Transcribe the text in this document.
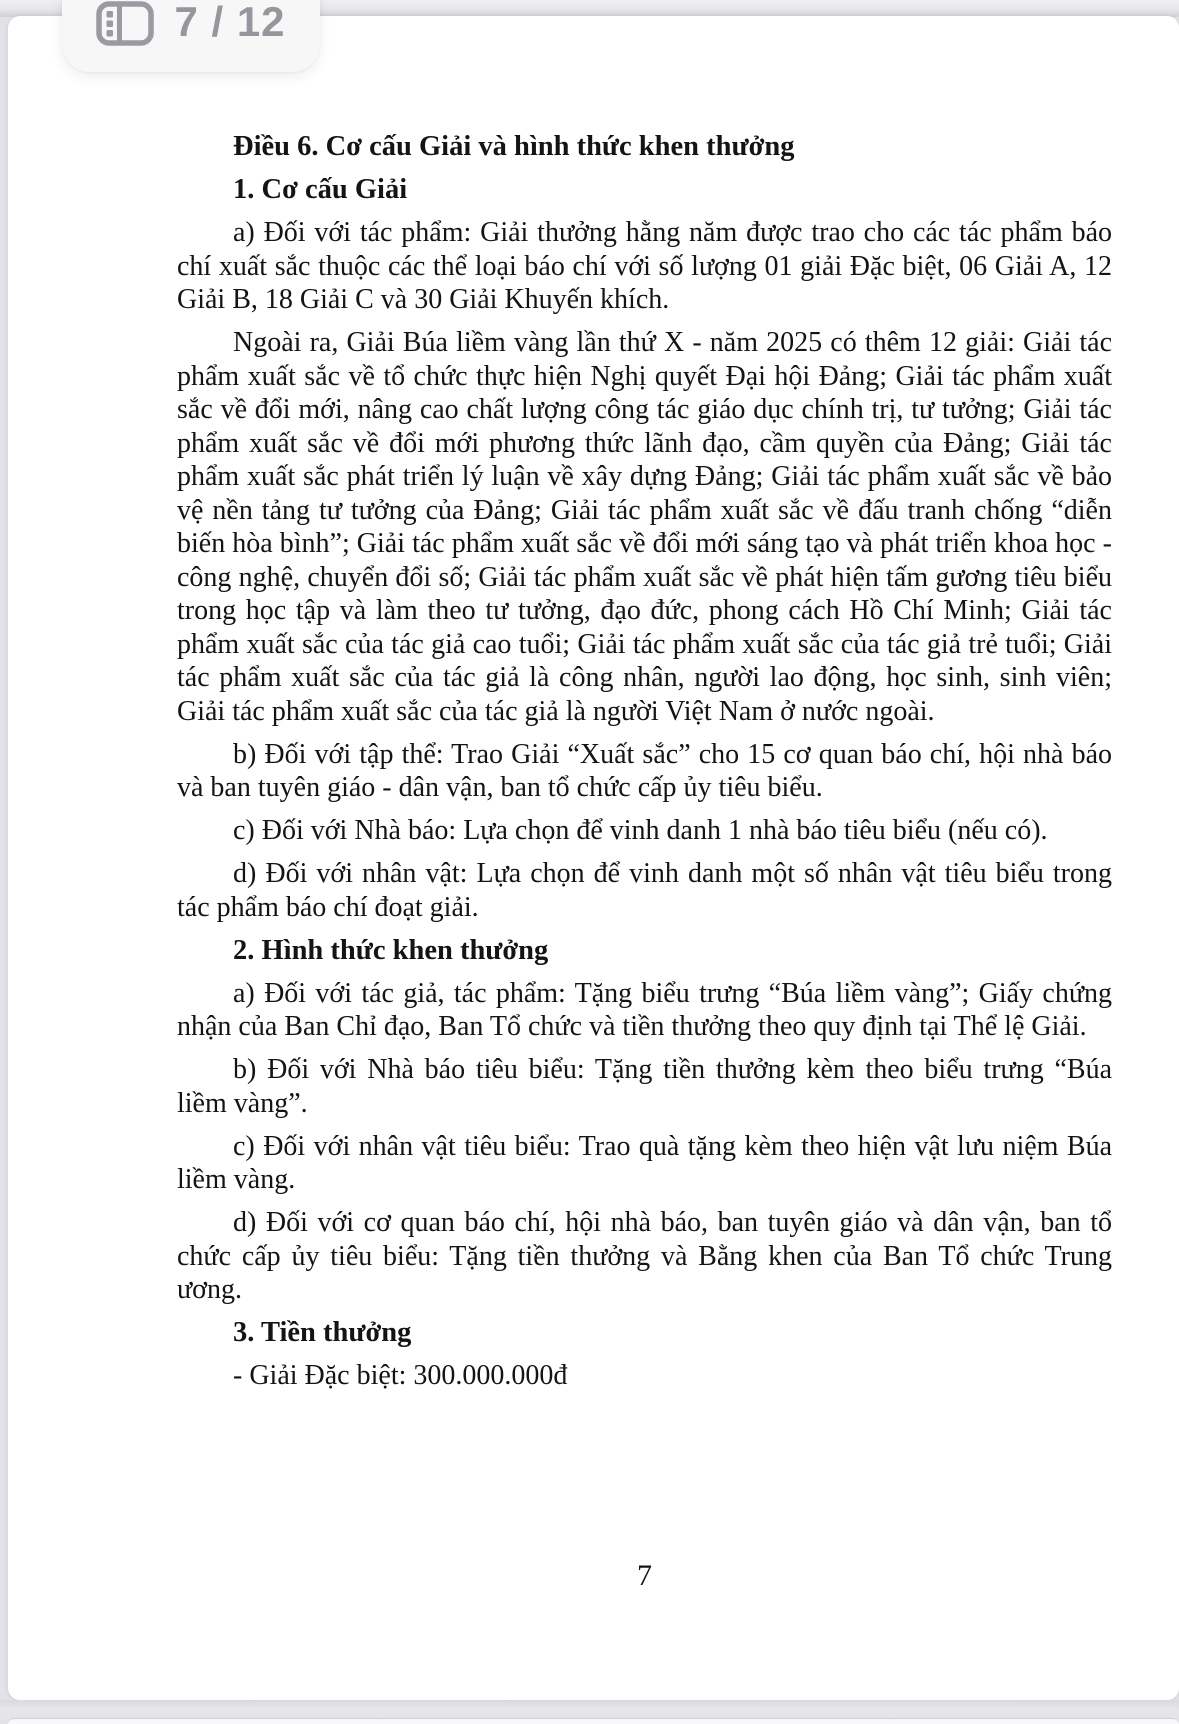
Điều 6. Cơ cấu Giải và hình thức khen thưởng
1. Cơ cấu Giải
a) Đối với tác phẩm: Giải thưởng hằng năm được trao cho các tác phẩm báo chí xuất sắc thuộc các thể loại báo chí với số lượng 01 giải Đặc biệt, 06 Giải A, 12 Giải B, 18 Giải C và 30 Giải Khuyến khích.
Ngoài ra, Giải Búa liềm vàng lần thứ X - năm 2025 có thêm 12 giải: Giải tác phẩm xuất sắc về tổ chức thực hiện Nghị quyết Đại hội Đảng; Giải tác phẩm xuất sắc về đổi mới, nâng cao chất lượng công tác giáo dục chính trị, tư tưởng; Giải tác phẩm xuất sắc về đổi mới phương thức lãnh đạo, cầm quyền của Đảng; Giải tác phẩm xuất sắc phát triển lý luận về xây dựng Đảng; Giải tác phẩm xuất sắc về bảo vệ nền tảng tư tưởng của Đảng; Giải tác phẩm xuất sắc về đấu tranh chống “diễn biến hòa bình”; Giải tác phẩm xuất sắc về đổi mới sáng tạo và phát triển khoa học - công nghệ, chuyển đổi số; Giải tác phẩm xuất sắc về phát hiện tấm gương tiêu biểu trong học tập và làm theo tư tưởng, đạo đức, phong cách Hồ Chí Minh; Giải tác phẩm xuất sắc của tác giả cao tuổi; Giải tác phẩm xuất sắc của tác giả trẻ tuổi; Giải tác phẩm xuất sắc của tác giả là công nhân, người lao động, học sinh, sinh viên; Giải tác phẩm xuất sắc của tác giả là người Việt Nam ở nước ngoài.
b) Đối với tập thể: Trao Giải “Xuất sắc” cho 15 cơ quan báo chí, hội nhà báo và ban tuyên giáo - dân vận, ban tổ chức cấp ủy tiêu biểu.
c) Đối với Nhà báo: Lựa chọn để vinh danh 1 nhà báo tiêu biểu (nếu có).
d) Đối với nhân vật: Lựa chọn để vinh danh một số nhân vật tiêu biểu trong tác phẩm báo chí đoạt giải.
2. Hình thức khen thưởng
a) Đối với tác giả, tác phẩm: Tặng biểu trưng “Búa liềm vàng”; Giấy chứng nhận của Ban Chỉ đạo, Ban Tổ chức và tiền thưởng theo quy định tại Thể lệ Giải.
b) Đối với Nhà báo tiêu biểu: Tặng tiền thưởng kèm theo biểu trưng “Búa liềm vàng”.
c) Đối với nhân vật tiêu biểu: Trao quà tặng kèm theo hiện vật lưu niệm Búa liềm vàng.
d) Đối với cơ quan báo chí, hội nhà báo, ban tuyên giáo và dân vận, ban tổ chức cấp ủy tiêu biểu: Tặng tiền thưởng và Bằng khen của Ban Tổ chức Trung ương.
3. Tiền thưởng
- Giải Đặc biệt: 300.000.000đ
7
7 / 12
